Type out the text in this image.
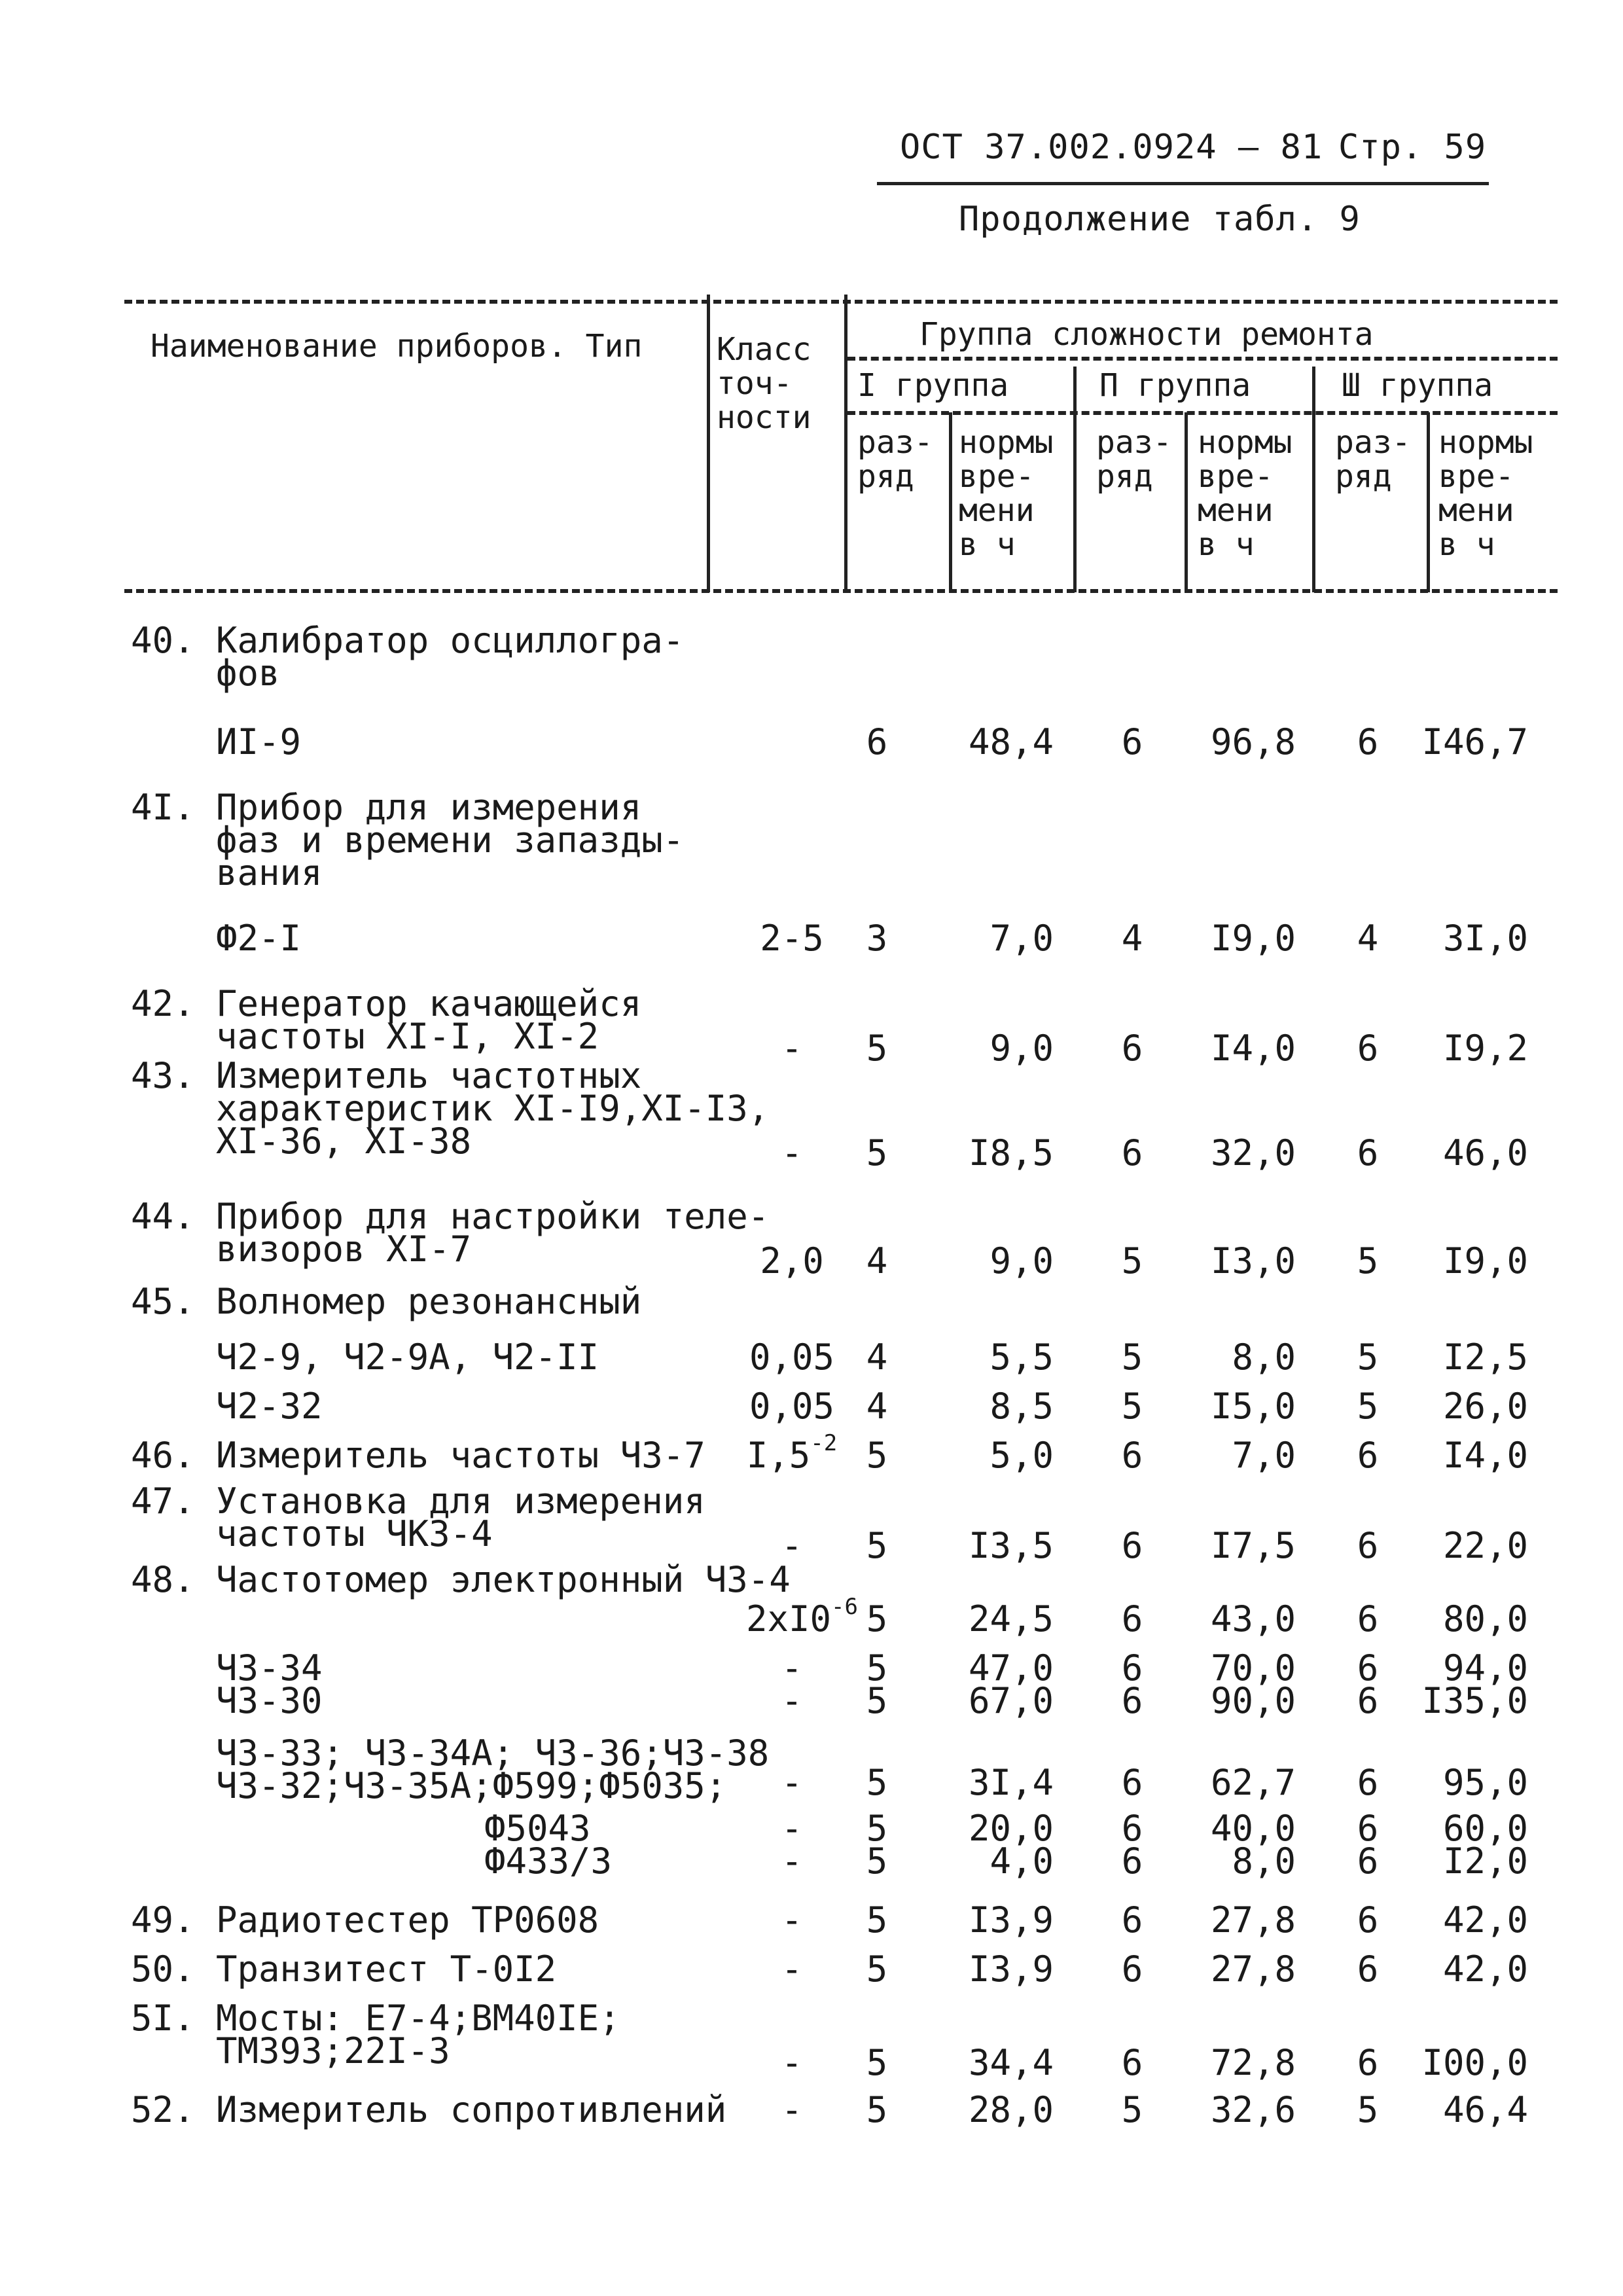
ОСТ 37.002.0924 – 81 Стр. 59
Продолжение табл. 9
Наименование приборов. Тип Класс
точ-
ности
Группа сложности ремонта
I группа	П группа	Ш группа
раз-
ряд
нормы
вре-
мени
в ч
раз-
ряд
нормы
вре-
мени
в ч
раз-
ряд
нормы
вре-
мени
в ч
40. Калибратор осциллогра-
фов
ИI-9	6	48,4	6	96,8	6	I46,7
4I. Прибор для измерения
фаз и времени запазды-
вания
Ф2-I	2-5	3	7,0	4	I9,0	4	3I,0
42. Генератор качающейся
частоты XI-I, XI-2	-	5	9,0	6	I4,0	6	I9,2
43. Измеритель частотных
характеристик XI-I9,XI-I3,
XI-36, XI-38	-	5	I8,5	6	32,0	6	46,0
44. Прибор для настройки теле-
визоров XI-7	2,0	4	9,0	5	I3,0	5	I9,0
45. Волномер резонансный
Ч2-9, Ч2-9А, Ч2-II	0,05 4	5,5	5	8,0	5	I2,5
Ч2-32	0,05 4	8,5	5	I5,0	5	26,0
46. Измеритель частоты Ч3-7 $I,5^{-2}$ 5	5,0	6	7,0	6	I4,0
47. Установка для измерения
частоты ЧК3-4	-	5	I3,5	6	I7,5	6	22,0
48. Частотомер электронный Ч3-4
$2xI0^{-6}$ 5	24,5	6	43,0	6	80,0
Ч3-34	-	5	47,0	6	70,0	6	94,0
Ч3-30	-	5	67,0	6	90,0	6	I35,0
Ч3-33; Ч3-34А; Ч3-36;Ч3-38
Ч3-32;Ч3-35А;Ф599;Ф5035;	-	5	3I,4	6	62,7	6	95,0
Ф5043	-	5	20,0	6	40,0	6	60,0
Ф433/3	-	5	4,0	6	8,0	6	I2,0
49. Радиотестер ТР0608	-	5	I3,9	6	27,8	6	42,0
50. Транзитест Т-0I2	-	5	I3,9	6	27,8	6	42,0
5I. Мосты: Е7-4;ВМ40IЕ;
ТМ393;22I-3	-	5	34,4	6	72,8	6	I00,0
52. Измеритель сопротивлений	-	5	28,0	5	32,6	5	46,4
